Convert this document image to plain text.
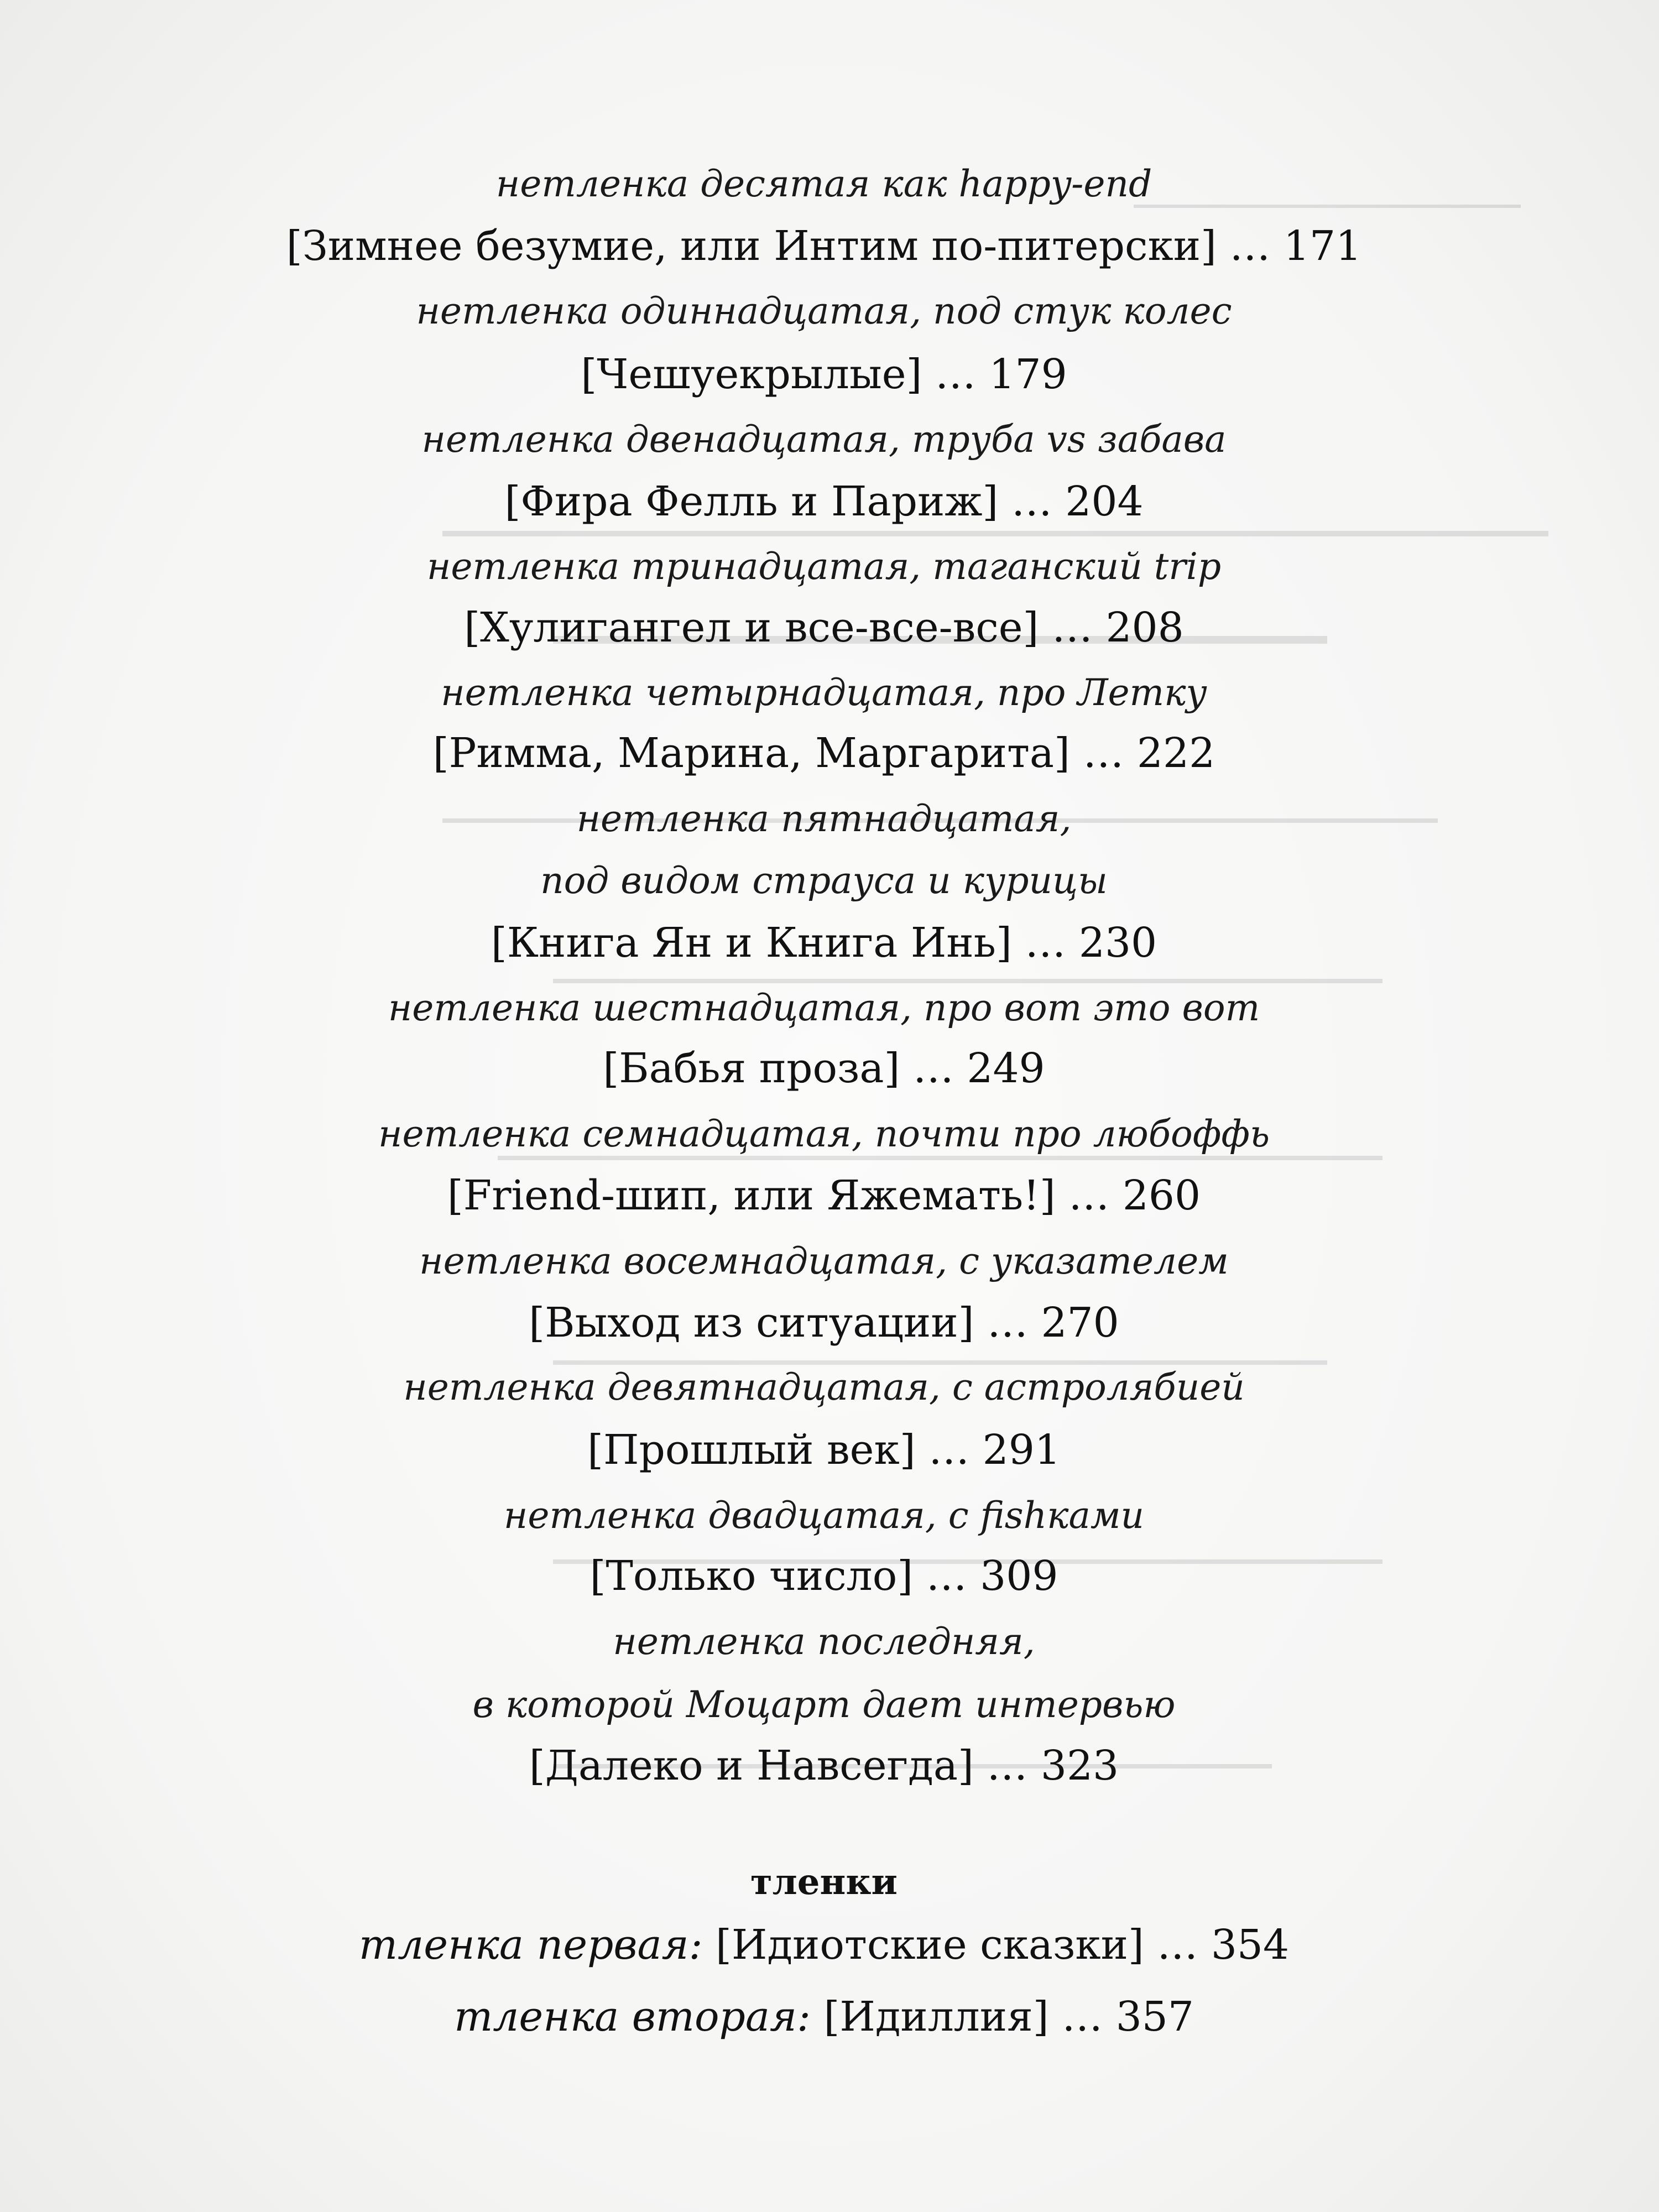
нетленка десятая как happy-end
[Зимнее безумие, или Интим по-питерски] … 171
нетленка одиннадцатая, под стук колес
[Чешуекрылые] … 179
нетленка двенадцатая, труба vs забава
[Фира Фелль и Париж] … 204
нетленка тринадцатая, таганский trip
[Хулигангел и все-все-все] … 208
нетленка четырнадцатая, про Летку
[Римма, Марина, Маргарита] … 222
нетленка пятнадцатая,
под видом страуса и курицы
[Книга Ян и Книга Инь] … 230
нетленка шестнадцатая, про вот это вот
[Бабья проза] … 249
нетленка семнадцатая, почти про любоффь
[Friend-шип, или Яжемать!] … 260
нетленка восемнадцатая, с указателем
[Выход из ситуации] … 270
нетленка девятнадцатая, с астролябией
[Прошлый век] … 291
нетленка двадцатая, с fishками
[Только число] … 309
нетленка последняя,
в которой Моцарт дает интервью
[Далеко и Навсегда] … 323
тленки
тленка первая: [Идиотские сказки] … 354
тленка вторая: [Идиллия] … 357
